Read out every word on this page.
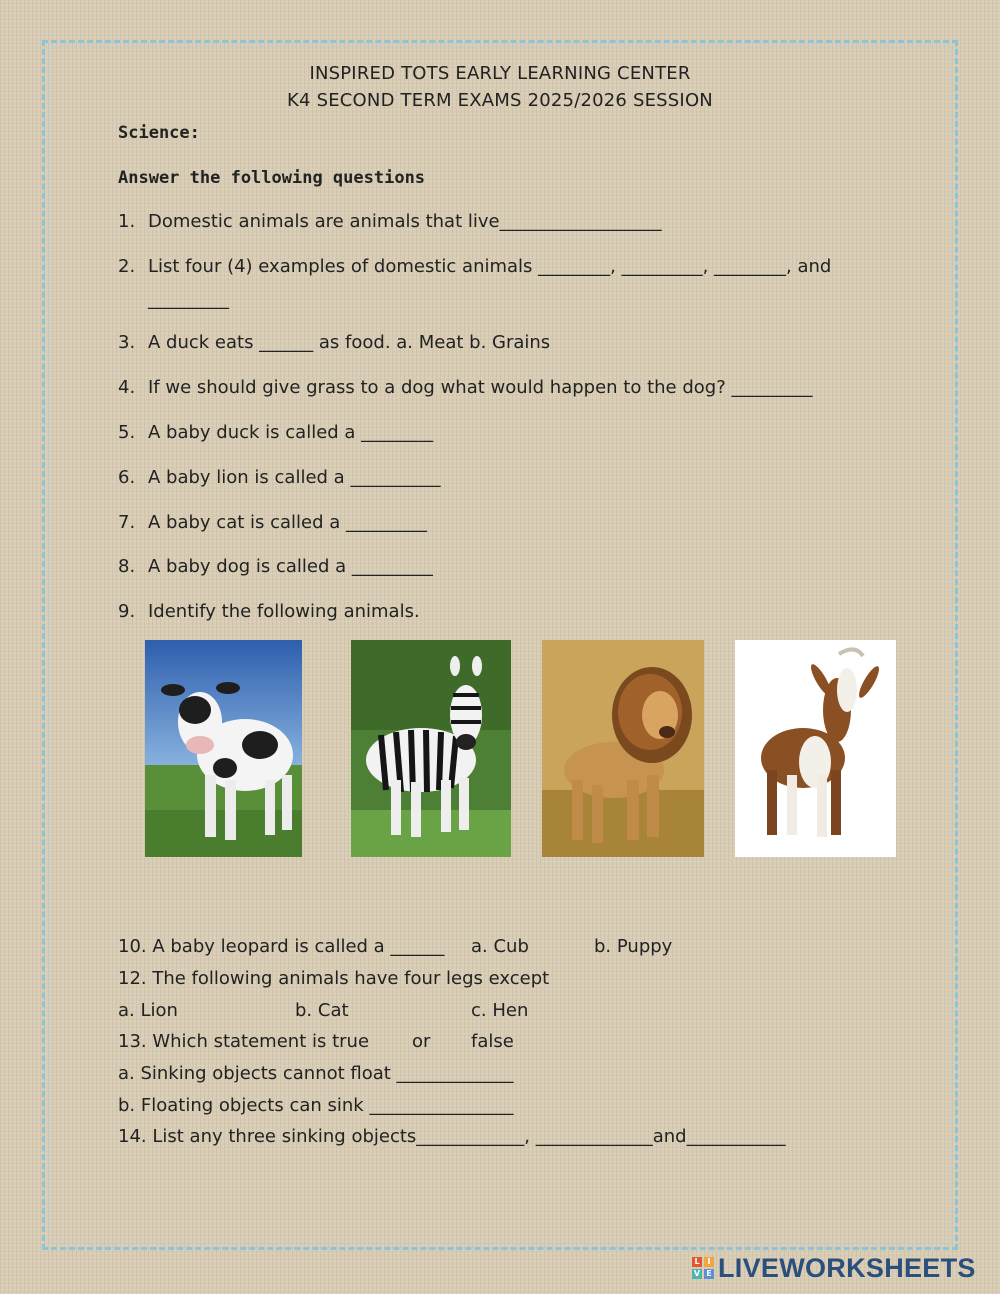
INSPIRED TOTS EARLY LEARNING CENTER
K4 SECOND TERM EXAMS 2025/2026 SESSION
Science:
Answer the following questions
1. Domestic animals are animals that live__________________
2. List four (4) examples of domestic animals ________, _________, ________, and
_________
3. A duck eats ______ as food. a. Meat b. Grains
4. If we should give grass to a dog what would happen to the dog? _________
5. A baby duck is called a ________
6. A baby lion is called a __________
7. A baby cat is called a _________
8. A baby dog is called a _________
9. Identify the following animals.
10. A baby leopard is called a ______ a. Cub	b. Puppy
12. The following animals have four legs except
a. Lion	b. Cat	c. Hen
13. Which statement is true or false
a. Sinking objects cannot float _____________
b. Floating objects can sink ________________
14. List any three sinking objects____________, _____________and___________
L I
V E LIVEWORKSHEETS
